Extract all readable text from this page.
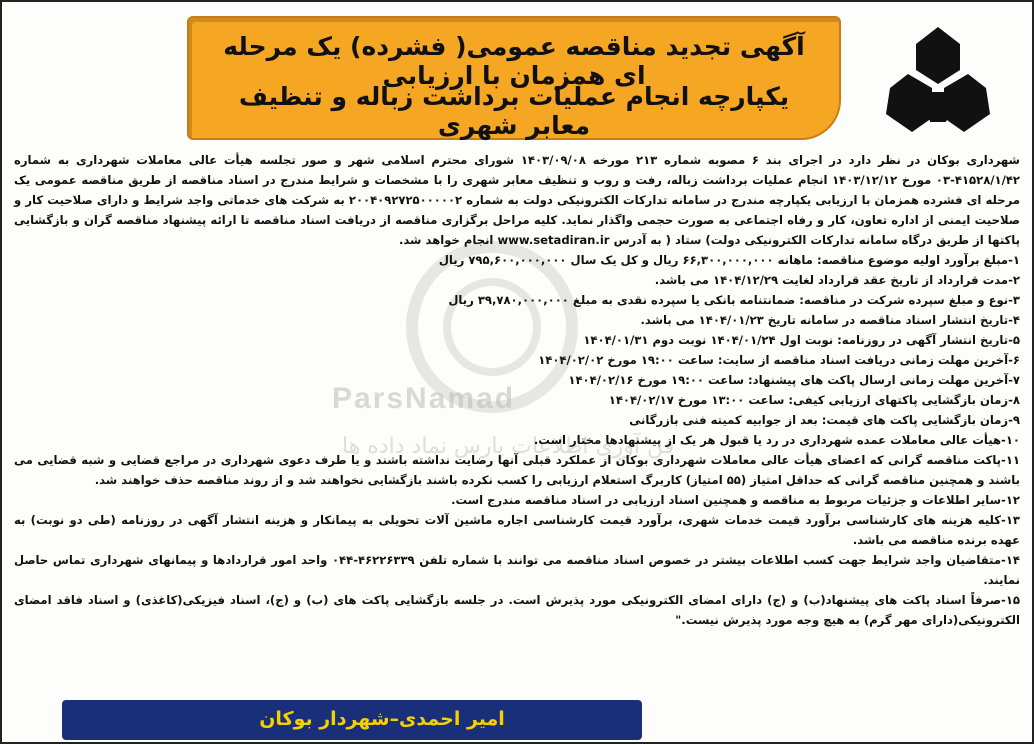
آگهی تجدید مناقصه عمومی( فشرده) یک مرحله ای همزمان با ارزیابی
یکپارچه انجام عملیات برداشت زباله و تنظیف معابر شهری
۱۳۳۷ شهرداری بوکان
ParsNamad
فن آوری اطلاعات پارس نماد داده ها

شهرداری بوکان در نظر دارد در اجرای بند ۶ مصوبه شماره ۲۱۳ مورخه ۱۴۰۳/۰۹/۰۸ شورای محترم اسلامی شهر و صور تجلسه هیأت عالی معاملات شهرداری به شماره ۴۱۵۲۸/۱/۴۲-۰۳ مورخ ۱۴۰۳/۱۲/۱۲ انجام عملیات برداشت زباله، رفت و روب و تنظیف معابر شهری را با مشخصات و شرایط مندرج در اسناد مناقصه از طریق مناقصه عمومی یک مرحله ای فشرده همزمان با ارزیابی یکپارچه مندرج در سامانه تدارکات الکترونیکی دولت به شماره ۲۰۰۴۰۹۲۷۲۵۰۰۰۰۰۲ به شرکت های خدماتی واجد شرایط و دارای صلاحیت کار و صلاحیت ایمنی از اداره تعاون، کار و رفاه اجتماعی به صورت حجمی واگذار نماید. کلیه مراحل برگزاری مناقصه از دریافت اسناد مناقصه تا ارائه پیشنهاد مناقصه گران و بازگشایی پاکتها از طریق درگاه سامانه تدارکات الکترونیکی دولت) ستاد ( به آدرس www.setadiran.ir انجام خواهد شد.

۱-مبلغ برآورد اولیه موضوع مناقصه: ماهانه ۶۶,۳۰۰,۰۰۰,۰۰۰ ریال و کل یک سال ۷۹۵,۶۰۰,۰۰۰,۰۰۰ ریال

۲-مدت قرارداد از تاریخ عقد قرارداد لغایت ۱۴۰۴/۱۲/۲۹ می باشد.

۳-نوع و مبلغ سپرده شرکت در مناقصه: ضمانتنامه بانکی یا سپرده نقدی به مبلغ ۳۹,۷۸۰,۰۰۰,۰۰۰ ریال

۴-تاریخ انتشار اسناد مناقصه در سامانه تاریخ ۱۴۰۴/۰۱/۲۳ می باشد.

۵-تاریخ انتشار آگهی در روزنامه: نوبت اول ۱۴۰۴/۰۱/۲۴ نوبت دوم ۱۴۰۴/۰۱/۳۱

۶-آخرین مهلت زمانی دریافت اسناد مناقصه از سایت: ساعت ۱۹:۰۰ مورخ ۱۴۰۴/۰۲/۰۲

۷-آخرین مهلت زمانی ارسال پاکت های پیشنهاد: ساعت ۱۹:۰۰ مورخ ۱۴۰۴/۰۲/۱۶

۸-زمان بازگشایی پاکتهای ارزیابی کیفی: ساعت ۱۳:۰۰ مورخ ۱۴۰۴/۰۲/۱۷

۹-زمان بازگشایی پاکت های قیمت: بعد از جوابیه کمیته فنی بازرگانی

۱۰-هیأت عالی معاملات عمده شهرداری در رد یا قبول هر یک از پیشنهادها مختار است.

۱۱-پاکت مناقصه گرانی که اعضای هیأت عالی معاملات شهرداری بوکان از عملکرد قبلی آنها رضایت نداشته باشند و یا طرف دعوی شهرداری در مراجع قضایی و شبه قضایی می باشند و همچنین مناقصه گرانی که حداقل امتیاز (۵۵ امتیاز) کاربرگ استعلام ارزیابی را کسب نکرده باشند بازگشایی نخواهند شد و از روند مناقصه حذف خواهند شد.

۱۲-سایر اطلاعات و جزئیات مربوط به مناقصه و همچنین اسناد ارزیابی در اسناد مناقصه مندرج است.

۱۳-کلیه هزینه های کارشناسی برآورد قیمت خدمات شهری، برآورد قیمت کارشناسی اجاره ماشین آلات تحویلی به پیمانکار و هزینه انتشار آگهی در روزنامه (طی دو نوبت) به عهده برنده مناقصه می باشد.

۱۴-متقاضیان واجد شرایط جهت کسب اطلاعات بیشتر در خصوص اسناد مناقصه می توانند با شماره تلفن ۴۶۲۲۶۳۳۹-۰۴۴ واحد امور قراردادها و پیمانهای شهرداری تماس حاصل نمایند.

۱۵-صرفاً اسناد پاکت های پیشنهاد(ب) و (ج) دارای امضای الکترونیکی مورد پذیرش است. در جلسه بازگشایی پاکت های (ب) و (ج)، اسناد فیزیکی(کاغذی) و اسناد فاقد امضای الکترونیکی(دارای مهر گرم) به هیچ وجه مورد پذیرش نیست."

امیر احمدی–شهردار بوکان
